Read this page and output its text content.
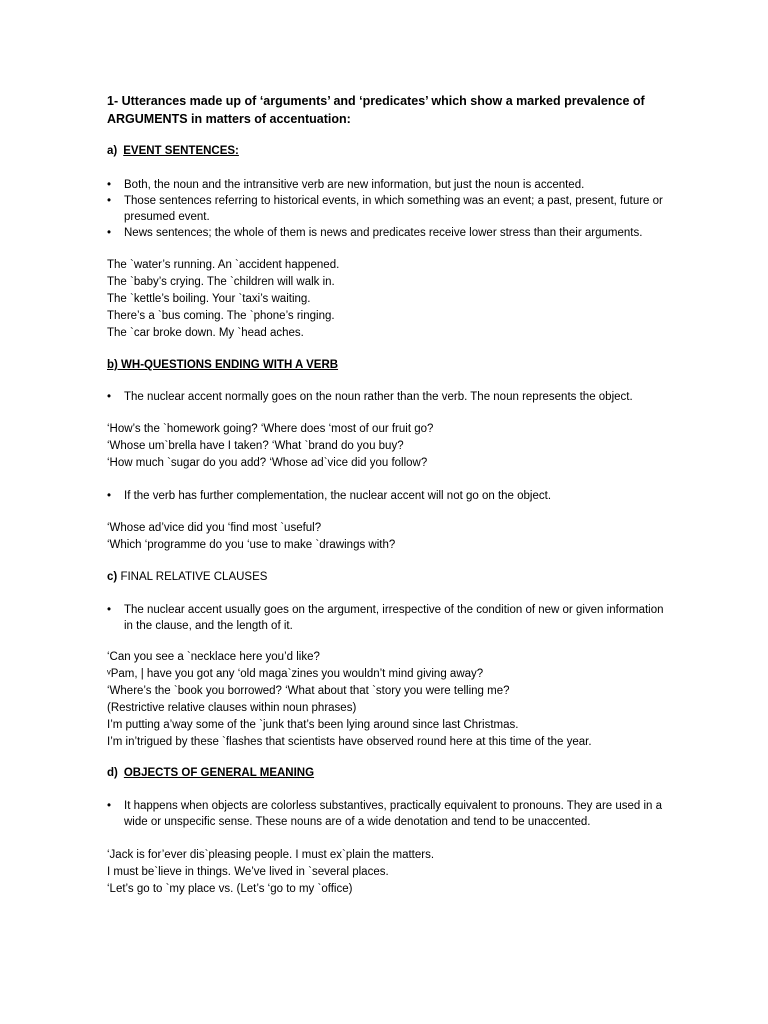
1- Utterances made up of ‘arguments’ and ‘predicates’ which show a marked prevalence of ARGUMENTS in matters of accentuation:
a) EVENT SENTENCES:
• Both, the noun and the intransitive verb are new information, but just the noun is accented.
• Those sentences referring to historical events, in which something was an event; a past, present, future or presumed event.
• News sentences; the whole of them is news and predicates receive lower stress than their arguments.
The `water’s running. An `accident happened.
The `baby’s crying. The `children will walk in.
The `kettle’s boiling. Your `taxi’s waiting.
There’s a `bus coming. The `phone’s ringing.
The `car broke down. My `head aches.
b) WH-QUESTIONS ENDING WITH A VERB
• The nuclear accent normally goes on the noun rather than the verb. The noun represents the object.
‘How’s the `homework going? ‘Where does ‘most of our fruit go?
‘Whose um`brella have I taken? ‘What `brand do you buy?
‘How much `sugar do you add? ‘Whose ad`vice did you follow?
• If the verb has further complementation, the nuclear accent will not go on the object.
‘Whose ad’vice did you ‘find most `useful?
‘Which ‘programme do you ‘use to make `drawings with?
c) FINAL RELATIVE CLAUSES
• The nuclear accent usually goes on the argument, irrespective of the condition of new or given information in the clause, and the length of it.
‘Can you see a `necklace here you’d like?
ᵛPam, | have you got any ‘old maga`zines you wouldn’t mind giving away?
‘Where’s the `book you borrowed? ‘What about that `story you were telling me?
(Restrictive relative clauses within noun phrases)
I’m putting a’way some of the `junk that’s been lying around since last Christmas.
I’m in’trigued by these `flashes that scientists have observed round here at this time of the year.
d) OBJECTS OF GENERAL MEANING
• It happens when objects are colorless substantives, practically equivalent to pronouns. They are used in a wide or unspecific sense. These nouns are of a wide denotation and tend to be unaccented.
‘Jack is for’ever dis`pleasing people. I must ex`plain the matters.
I must be`lieve in things. We’ve lived in `several places.
‘Let’s go to `my place vs. (Let’s ‘go to my `office)
